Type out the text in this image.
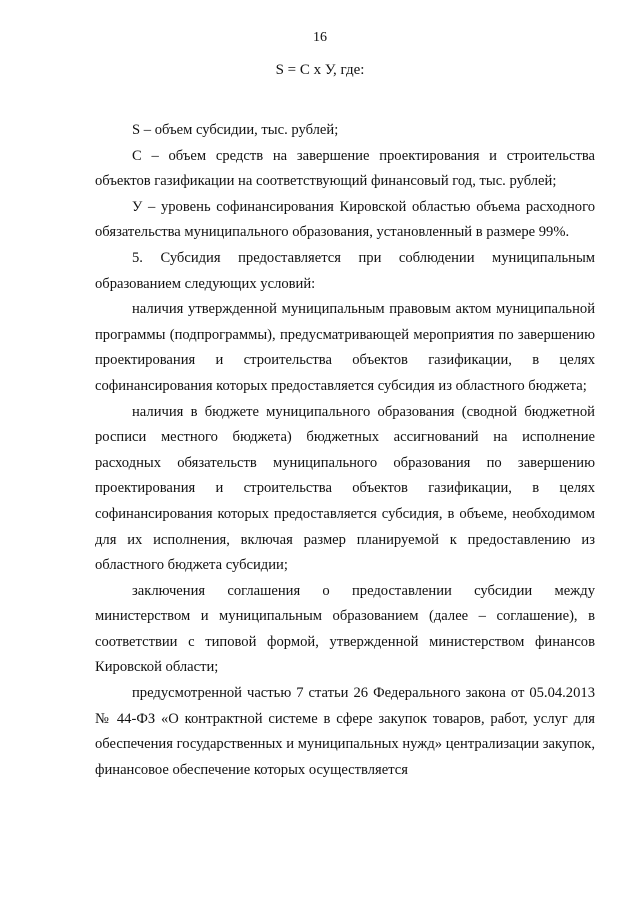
16
S = С х У, где:

S – объем субсидии, тыс. рублей;

С – объем средств на завершение проектирования и строительства объектов газификации на соответствующий финансовый год, тыс. рублей;

У – уровень софинансирования Кировской областью объема расходного обязательства муниципального образования, установленный в размере 99%.

5. Субсидия предоставляется при соблюдении муниципальным образованием следующих условий:

наличия утвержденной муниципальным правовым актом муниципальной программы (подпрограммы), предусматривающей мероприятия по завершению проектирования и строительства объектов газификации, в целях софинансирования которых предоставляется субсидия из областного бюджета;

наличия в бюджете муниципального образования (сводной бюджетной росписи местного бюджета) бюджетных ассигнований на исполнение расходных обязательств муниципального образования по завершению проектирования и строительства объектов газификации, в целях софинансирования которых предоставляется субсидия, в объеме, необходимом для их исполнения, включая размер планируемой к предоставлению из областного бюджета субсидии;

заключения соглашения о предоставлении субсидии между министерством и муниципальным образованием (далее – соглашение), в соответствии с типовой формой, утвержденной министерством финансов Кировской области;

предусмотренной частью 7 статьи 26 Федерального закона от 05.04.2013 № 44-ФЗ «О контрактной системе в сфере закупок товаров, работ, услуг для обеспечения государственных и муниципальных нужд» централизации закупок, финансовое обеспечение которых осуществляется
